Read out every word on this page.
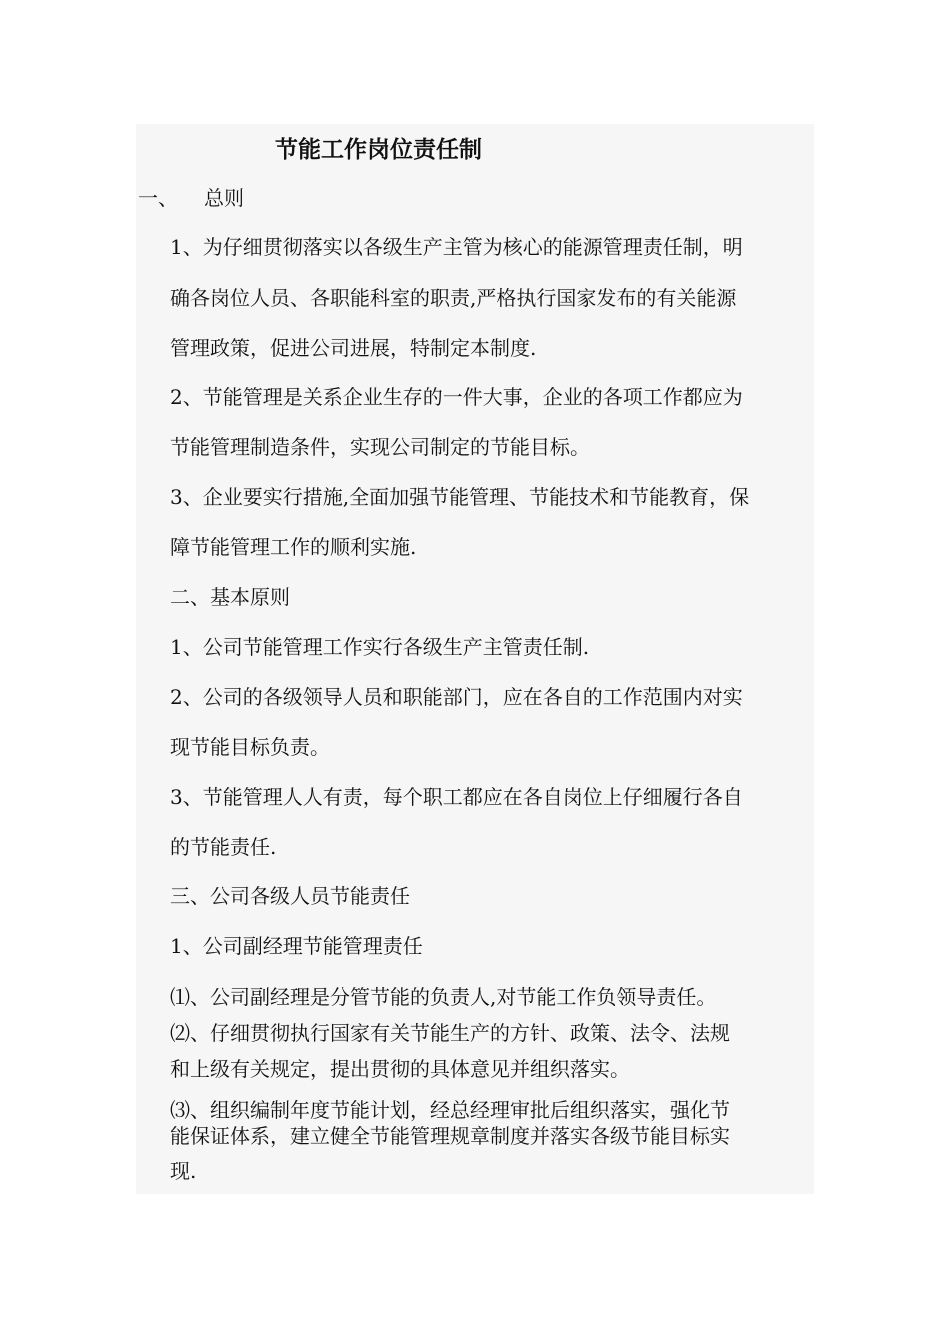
节能工作岗位责任制
一、 总则
1、为仔细贯彻落实以各级生产主管为核心的能源管理责任制，明
确各岗位人员、各职能科室的职责,严格执行国家发布的有关能源
管理政策，促进公司进展，特制定本制度.
2、节能管理是关系企业生存的一件大事，企业的各项工作都应为
节能管理制造条件，实现公司制定的节能目标。
3、企业要实行措施,全面加强节能管理、节能技术和节能教育，保
障节能管理工作的顺利实施.
二、基本原则
1、公司节能管理工作实行各级生产主管责任制.
2、公司的各级领导人员和职能部门，应在各自的工作范围内对实
现节能目标负责。
3、节能管理人人有责，每个职工都应在各自岗位上仔细履行各自
的节能责任.
三、公司各级人员节能责任
1、公司副经理节能管理责任
⑴、公司副经理是分管节能的负责人,对节能工作负领导责任。
⑵、仔细贯彻执行国家有关节能生产的方针、政策、法令、法规
和上级有关规定，提出贯彻的具体意见并组织落实。
⑶、组织编制年度节能计划，经总经理审批后组织落实，强化节
能保证体系，建立健全节能管理规章制度并落实各级节能目标实
现.
